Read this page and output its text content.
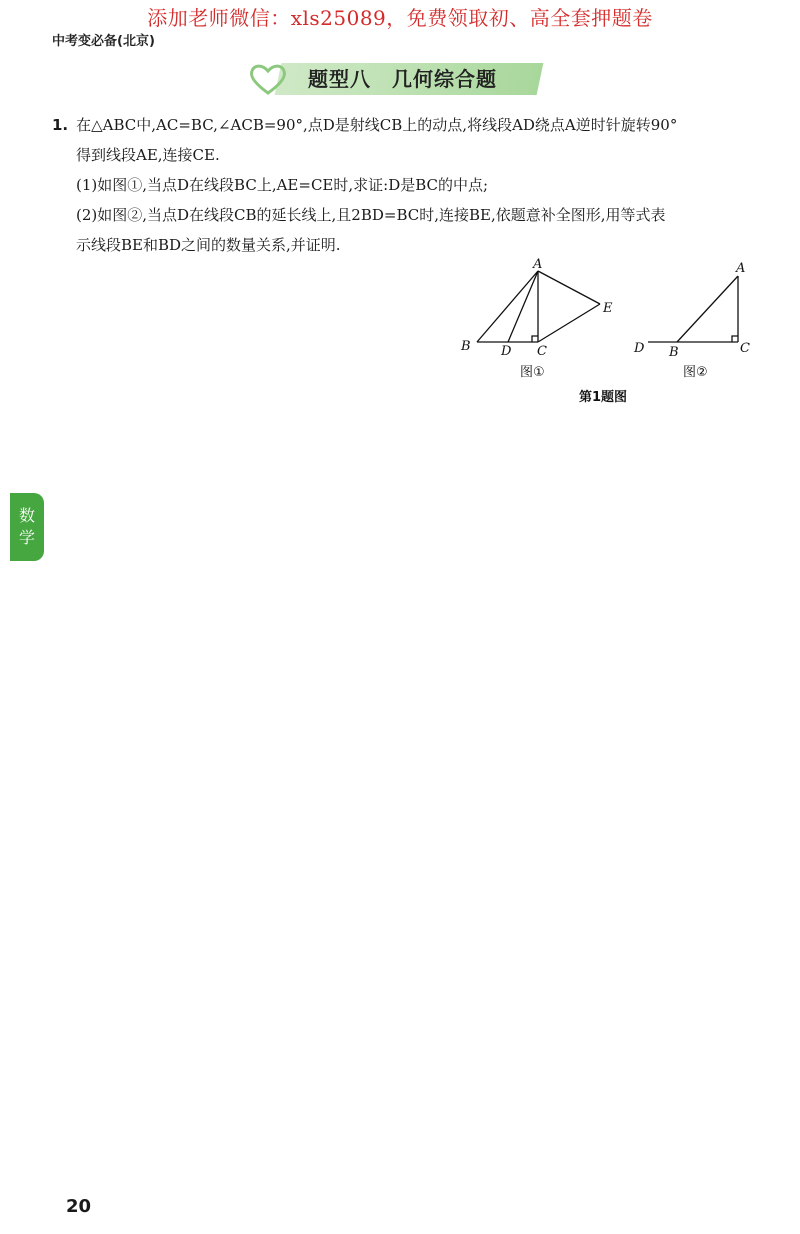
添加老师微信：xls25089，免费领取初、高全套押题卷
中考变必备(北京)
题型八　几何综合题

1. 在△ABC中,AC=BC,∠ACB=90°,点D是射线CB上的动点,将线段AD绕点A逆时针旋转90°

得到线段AE,连接CE.

(1)如图①,当点D在线段BC上,AE=CE时,求证:D是BC的中点;

(2)如图②,当点D在线段CB的延长线上,且2BD=BC时,连接BE,依题意补全图形,用等式表

示线段BE和BD之间的数量关系,并证明.

A
B D C
E
A
D B	C
图①	图②
第1题图
数
学
20
